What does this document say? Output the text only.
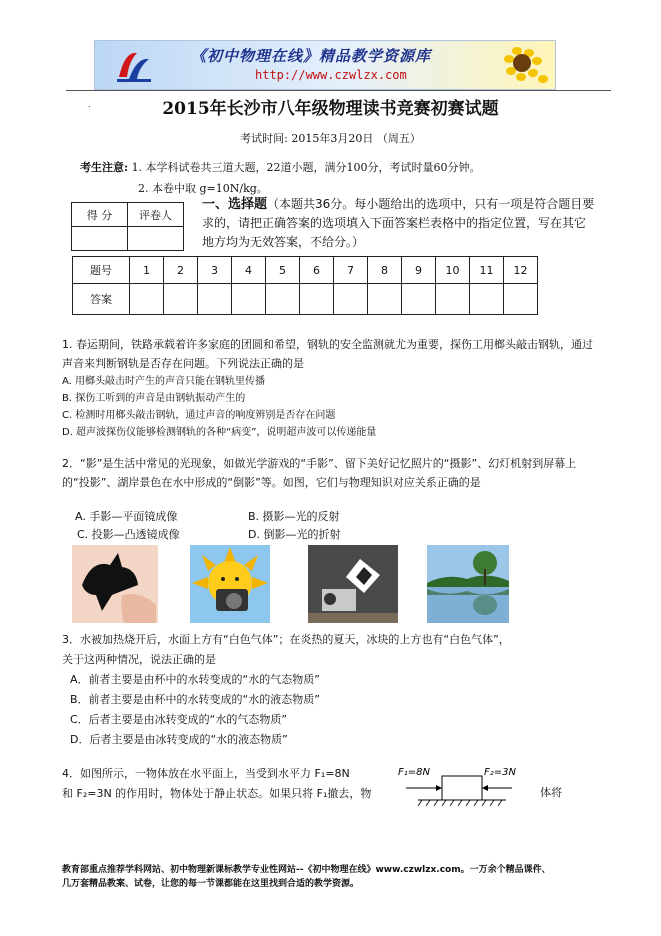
《初中物理在线》精品教学资源库
http://www.czwlzx.com
.	2015年长沙市八年级物理读书竞赛初赛试题
考试时间: 2015年3月20日 （周五）
考生注意: 1. 本学科试卷共三道大题，22道小题，满分100分，考试时量60分钟。
2. 本卷中取 g=10N/kg。
得 分	评卷人

一、选择题（本题共36分。每小题给出的选项中，只有一项是符合题目要求的，请把正确答案的选项填入下面答案栏表格中的指定位置，写在其它地方均为无效答案，不给分。）
题号	1	2	3	4	5	6	7	8	9	10	11	12
答案												
1. 春运期间，铁路承载着许多家庭的团圆和希望，钢轨的安全监测就尤为重要，探伤工用榔头敲击钢轨，通过声音来判断钢轨是否存在问题。下列说法正确的是
A. 用榔头敲击时产生的声音只能在钢轨里传播
B. 探伤工听到的声音是由钢轨振动产生的
C. 检测时用榔头敲击钢轨，通过声音的响度辨别是否存在问题
D. 超声波探伤仪能够检测钢轨的各种“病变”，说明超声波可以传递能量
2．“影”是生活中常见的光现象，如做光学游戏的“手影”、留下美好记忆照片的“摄影”、幻灯机射到屏幕上的“投影”、湖岸景色在水中形成的“倒影”等。如图，它们与物理知识对应关系正确的是
A. 手影—平面镜成像	B. 摄影—光的反射
C. 投影—凸透镜成像	D. 倒影—光的折射
3．水被加热烧开后，水面上方有“白色气体”；在炎热的夏天，冰块的上方也有“白色气体”，
关于这两种情况，说法正确的是
A．前者主要是由杯中的水转变成的“水的气态物质”
B．前者主要是由杯中的水转变成的“水的液态物质”
C．后者主要是由冰转变成的“水的气态物质”
D．后者主要是由冰转变成的“水的液态物质”
4．如图所示，一物体放在水平面上，当受到水平力 F₁=8N
和 F₂=3N 的作用时，物体处于静止状态。如果只将 F₁撤去，物	体将
F₁=8N	F₂=3N
教育部重点推荐学科网站、初中物理新课标教学专业性网站--《初中物理在线》www.czwlzx.com。一万余个精品课件、
几万套精品教案、试卷，让您的每一节课都能在这里找到合适的教学资源。
